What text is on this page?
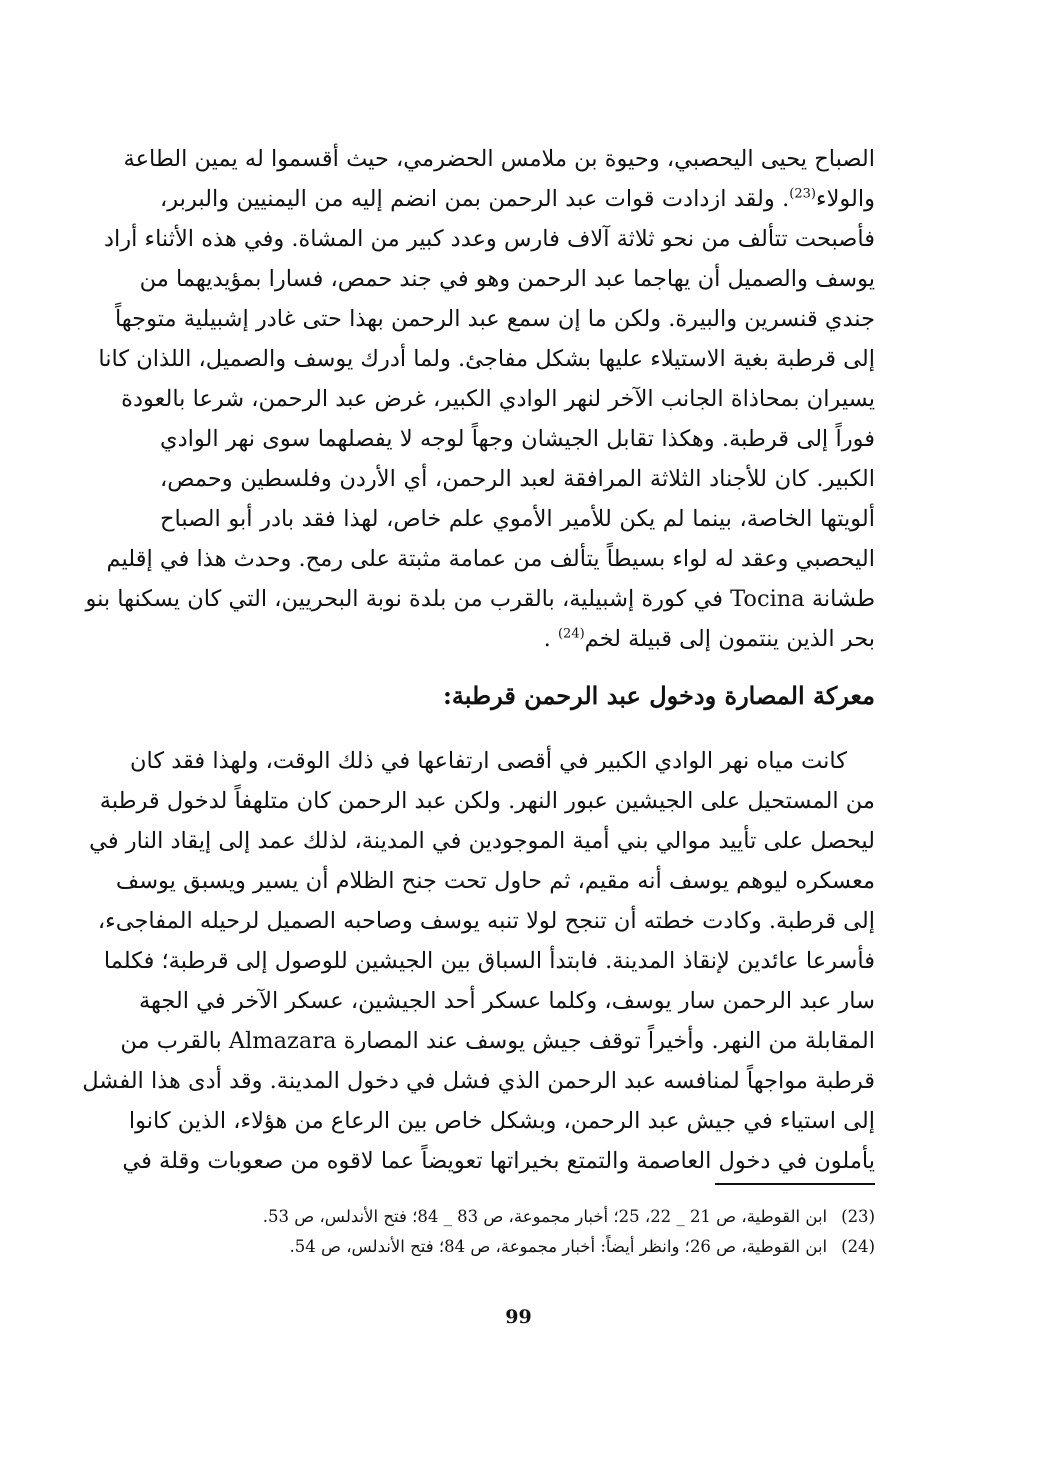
الصباح يحيى اليحصبي، وحيوة بن ملامس الحضرمي، حيث أقسموا له يمين الطاعة
والولاء$^{(23)}$. ولقد ازدادت قوات عبد الرحمن بمن انضم إليه من اليمنيين والبربر،
فأصبحت تتألف من نحو ثلاثة آلاف فارس وعدد كبير من المشاة. وفي هذه الأثناء أراد
يوسف والصميل أن يهاجما عبد الرحمن وهو في جند حمص، فسارا بمؤيديهما من
جندي قنسرين والبيرة. ولكن ما إن سمع عبد الرحمن بهذا حتى غادر إشبيلية متوجهاً
إلى قرطبة بغية الاستيلاء عليها بشكل مفاجئ. ولما أدرك يوسف والصميل، اللذان كانا
يسيران بمحاذاة الجانب الآخر لنهر الوادي الكبير، غرض عبد الرحمن، شرعا بالعودة
فوراً إلى قرطبة. وهكذا تقابل الجيشان وجهاً لوجه لا يفصلهما سوى نهر الوادي
الكبير. كان للأجناد الثلاثة المرافقة لعبد الرحمن، أي الأردن وفلسطين وحمص،
ألويتها الخاصة، بينما لم يكن للأمير الأموي علم خاص، لهذا فقد بادر أبو الصباح
اليحصبي وعقد له لواء بسيطاً يتألف من عمامة مثبتة على رمح. وحدث هذا في إقليم
طشانة Tocina في كورة إشبيلية، بالقرب من بلدة نوبة البحريين، التي كان يسكنها بنو
بحر الذين ينتمون إلى قبيلة لخم$^{(24)}$ .
معركة المصارة ودخول عبد الرحمن قرطبة:
كانت مياه نهر الوادي الكبير في أقصى ارتفاعها في ذلك الوقت، ولهذا فقد كان
من المستحيل على الجيشين عبور النهر. ولكن عبد الرحمن كان متلهفاً لدخول قرطبة
ليحصل على تأييد موالي بني أمية الموجودين في المدينة، لذلك عمد إلى إيقاد النار في
معسكره ليوهم يوسف أنه مقيم، ثم حاول تحت جنح الظلام أن يسير ويسبق يوسف
إلى قرطبة. وكادت خطته أن تنجح لولا تنبه يوسف وصاحبه الصميل لرحيله المفاجىء،
فأسرعا عائدين لإنقاذ المدينة. فابتدأ السباق بين الجيشين للوصول إلى قرطبة؛ فكلما
سار عبد الرحمن سار يوسف، وكلما عسكر أحد الجيشين، عسكر الآخر في الجهة
المقابلة من النهر. وأخيراً توقف جيش يوسف عند المصارة Almazara بالقرب من
قرطبة مواجهاً لمنافسه عبد الرحمن الذي فشل في دخول المدينة. وقد أدى هذا الفشل
إلى استياء في جيش عبد الرحمن، وبشكل خاص بين الرعاع من هؤلاء، الذين كانوا
يأملون في دخول العاصمة والتمتع بخيراتها تعويضاً عما لاقوه من صعوبات وقلة في
(23)ابن القوطية، ص 21 _ 22، 25؛ أخبار مجموعة، ص 83 _ 84؛ فتح الأندلس، ص 53.
(24)ابن القوطية، ص 26؛ وانظر أيضاً: أخبار مجموعة، ص 84؛ فتح الأندلس، ص 54.
99
